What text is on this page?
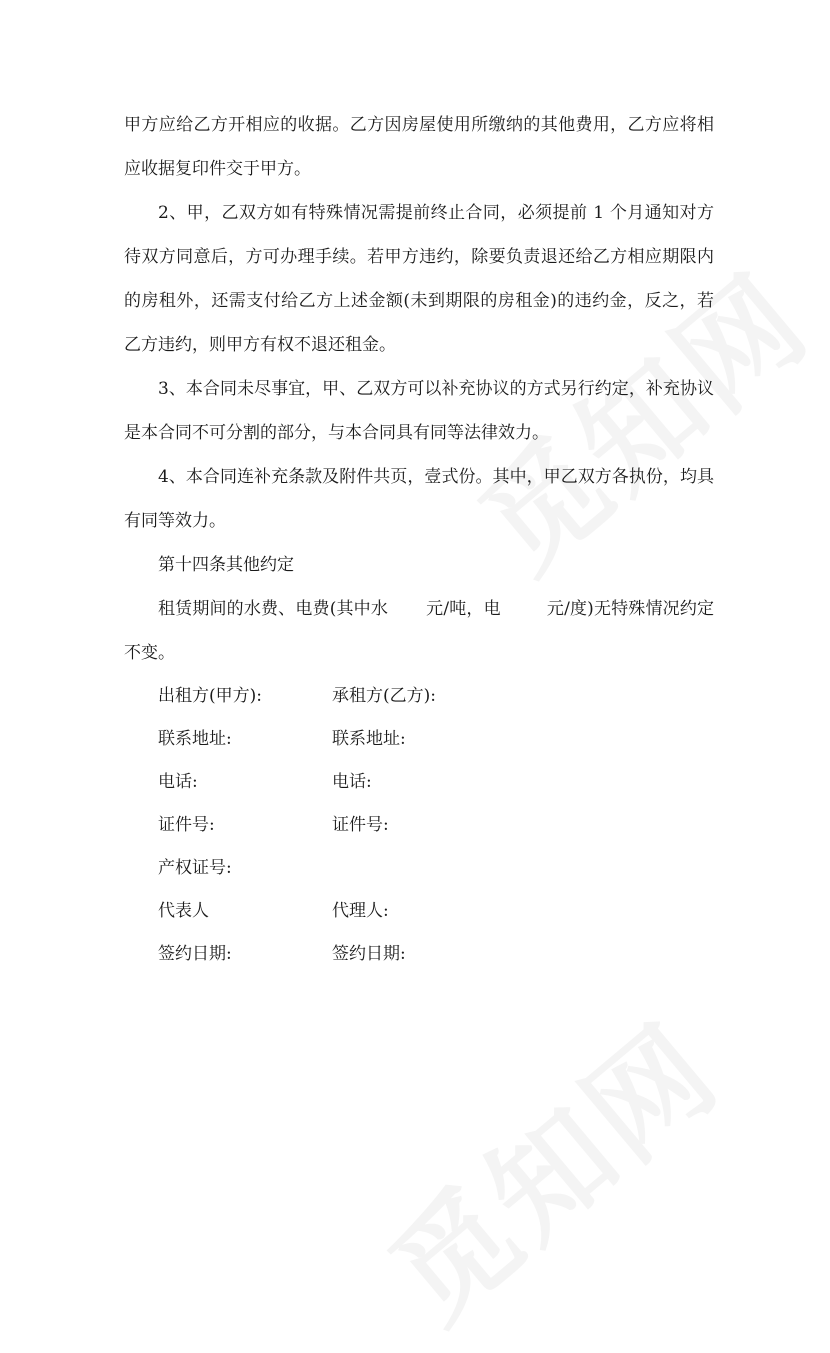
甲方应给乙方开相应的收据。乙方因房屋使用所缴纳的其他费用，乙方应将相应收据复印件交于甲方。

2、甲，乙双方如有特殊情况需提前终止合同，必须提前 1 个月通知对方待双方同意后，方可办理手续。若甲方违约，除要负责退还给乙方相应期限内的房租外，还需支付给乙方上述金额(未到期限的房租金)的违约金，反之，若乙方违约，则甲方有权不退还租金。

3、本合同未尽事宜，甲、乙双方可以补充协议的方式另行约定，补充协议是本合同不可分割的部分，与本合同具有同等法律效力。

4、本合同连补充条款及附件共页，壹式份。其中，甲乙双方各执份，均具有同等效力。

第十四条其他约定

租赁期间的水费、电费(其中水 元/吨，电	元/度)无特殊情况约定不变。

出租方(甲方):	承租方(乙方):
联系地址:	联系地址:
电话:	电话:
证件号:	证件号:
产权证号:
代表人	代理人:
签约日期:	签约日期:
